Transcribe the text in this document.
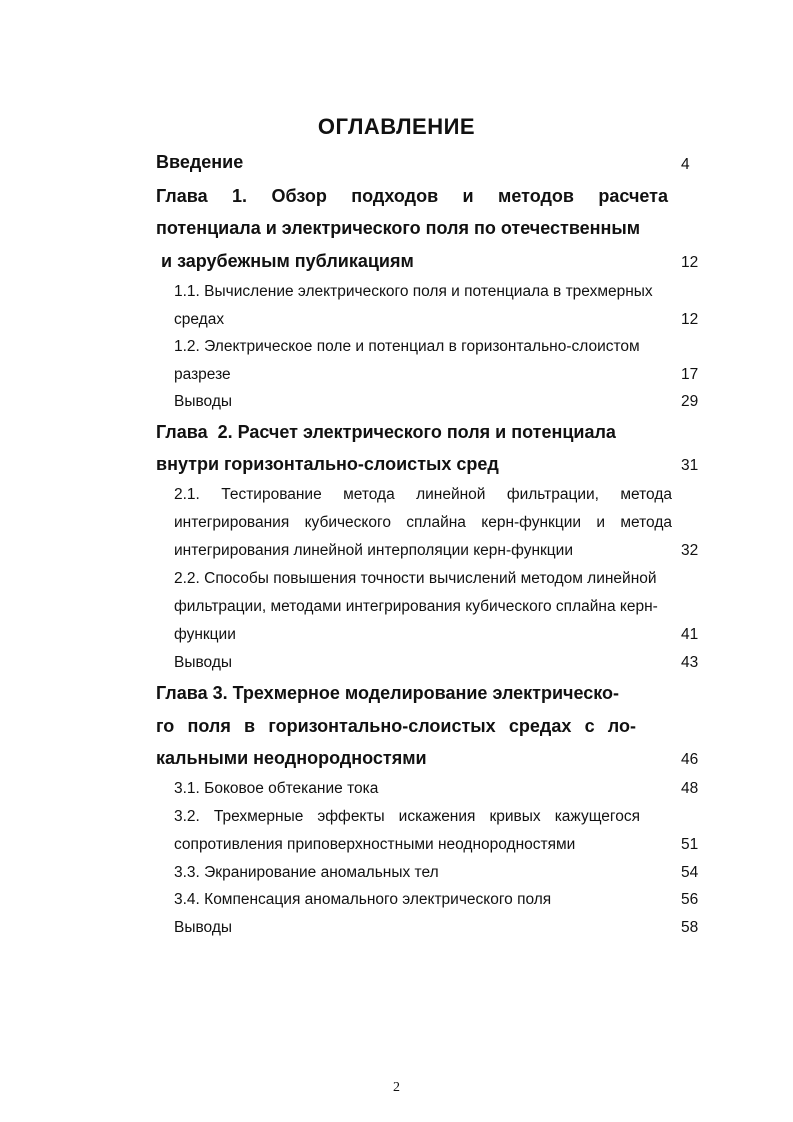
ОГЛАВЛЕНИЕ
Введение	4
Глава 1. Обзор подходов и методов расчета
потенциала и электрического поля по отечественным
и зарубежным публикациям	12
1.1. Вычисление электрического поля и потенциала в трехмерных
средах	12
1.2. Электрическое поле и потенциал в горизонтально-слоистом
разрезе	17
Выводы	29
Глава  2. Расчет электрического поля и потенциала
внутри горизонтально-слоистых сред	31
2.1. Тестирование метода линейной фильтрации, метода
интегрирования кубического сплайна керн-функции и метода
интегрирования линейной интерполяции керн-функции	32
2.2. Способы повышения точности вычислений методом линейной
фильтрации, методами интегрирования кубического сплайна керн-
функции	41
Выводы	43
Глава 3. Трехмерное моделирование электрическо-
го поля в горизонтально-слоистых средах с ло-
кальными неоднородностями	46
3.1. Боковое обтекание тока	48
3.2. Трехмерные эффекты искажения кривых кажущегося
сопротивления приповерхностными неоднородностями	51
3.3. Экранирование аномальных тел	54
3.4. Компенсация аномального электрического поля	56
Выводы	58
2
